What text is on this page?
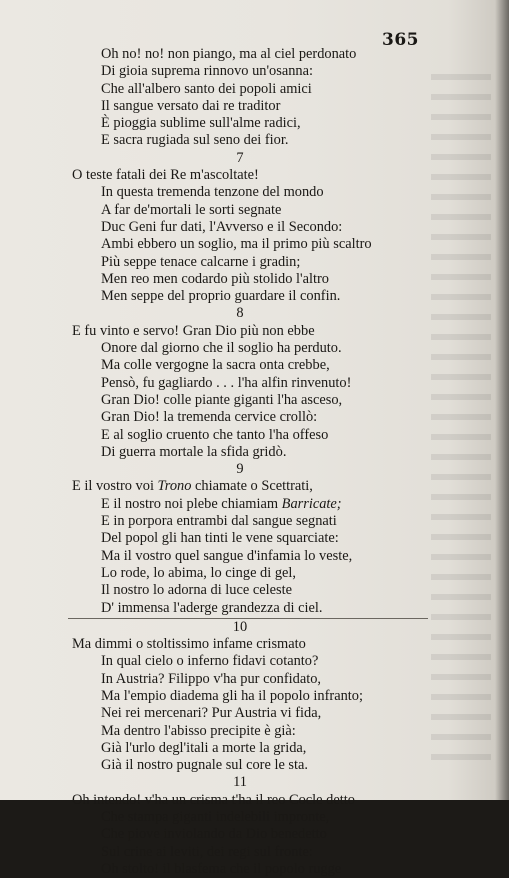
365
Oh no! no! non piango, ma al ciel perdonato
Di gioia suprema rinnovo un'osanna:
Che all'albero santo dei popoli amici
Il sangue versato dai re traditor
È pioggia sublime sull'alme radici,
E sacra rugiada sul seno dei fior.
7
O teste fatali dei Re m'ascoltate!
In questa tremenda tenzone del mondo
A far de'mortali le sorti segnate
Duc Geni fur dati, l'Avverso e il Secondo:
Ambi ebbero un soglio, ma il primo più scaltro
Più seppe tenace calcarne i gradin;
Men reo men codardo più stolido l'altro
Men seppe del proprio guardare il confin.
8
E fu vinto e servo! Gran Dio più non ebbe
Onore dal giorno che il soglio ha perduto.
Ma colle vergogne la sacra onta crebbe,
Pensò, fu gagliardo . . . l'ha alfin rinvenuto!
Gran Dio! colle piante giganti l'ha asceso,
Gran Dio! la tremenda cervice crollò:
E al soglio cruento che tanto l'ha offeso
Di guerra mortale la sfida gridò.
9
E il vostro voi Trono chiamate o Scettrati,
E il nostro noi plebe chiamiam Barricate;
E in porpora entrambi dal sangue segnati
Del popol gli han tinti le vene squarciate:
Ma il vostro quel sangue d'infamia lo veste,
Lo rode, lo abima, lo cinge di gel,
Il nostro lo adorna di luce celeste
D' immensa l'aderge grandezza di ciel.
10
Ma dimmi o stoltissimo infame crismato
In qual cielo o inferno fidavi cotanto?
In Austria? Filippo v'ha pur confidato,
Ma l'empio diadema gli ha il popolo infranto;
Nei rei mercenari? Pur Austria vi fida,
Ma dentro l'abisso precipite è già:
Già l'urlo degl'itali a morte la grida,
Già il nostro pugnale sul core le sta.
11
Oh intendo! v'ha un crisma t'ha il reo Cocle detto
Che stampa giganti indelebili impronte,
Che piove inviolando da Dio benedetto
Sul crine ai leviti, dei regi sul fronte:
Oh stolto! il blasfema che il popolo rugge
